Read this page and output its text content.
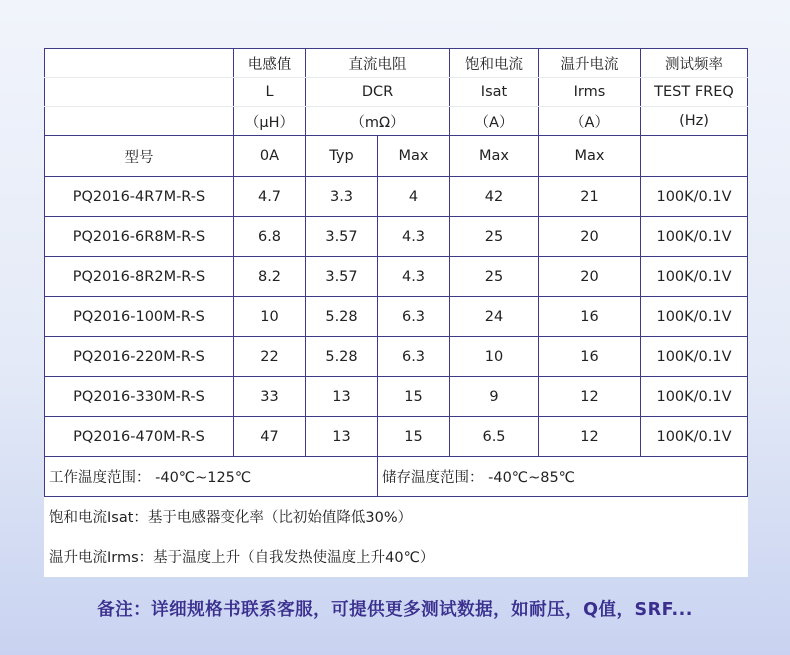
	电感值	直流电阻		饱和电流	温升电流	测试频率
	L	DCR		Isat	Irms	TEST FREQ
	（μH）	（mΩ）		（A）	（A）	(Hz)
型号	0A	Typ	Max	Max	Max	
PQ2016-4R7M-R-S	4.7	3.3	4	42	21	100K/0.1V
PQ2016-6R8M-R-S	6.8	3.57	4.3	25	20	100K/0.1V
PQ2016-8R2M-R-S	8.2	3.57	4.3	25	20	100K/0.1V
PQ2016-100M-R-S	10	5.28	6.3	24	16	100K/0.1V
PQ2016-220M-R-S	22	5.28	6.3	10	16	100K/0.1V
PQ2016-330M-R-S	33	13	15	9	12	100K/0.1V
PQ2016-470M-R-S	47	13	15	6.5	12	100K/0.1V
工作温度范围： -40℃~125℃			储存温度范围： -40℃~85℃			
饱和电流Isat：基于电感器变化率（比初始值降低30%）						
温升电流Irms：基于温度上升（自我发热使温度上升40℃）						
备注：详细规格书联系客服，可提供更多测试数据，如耐压，Q值，SRF...
